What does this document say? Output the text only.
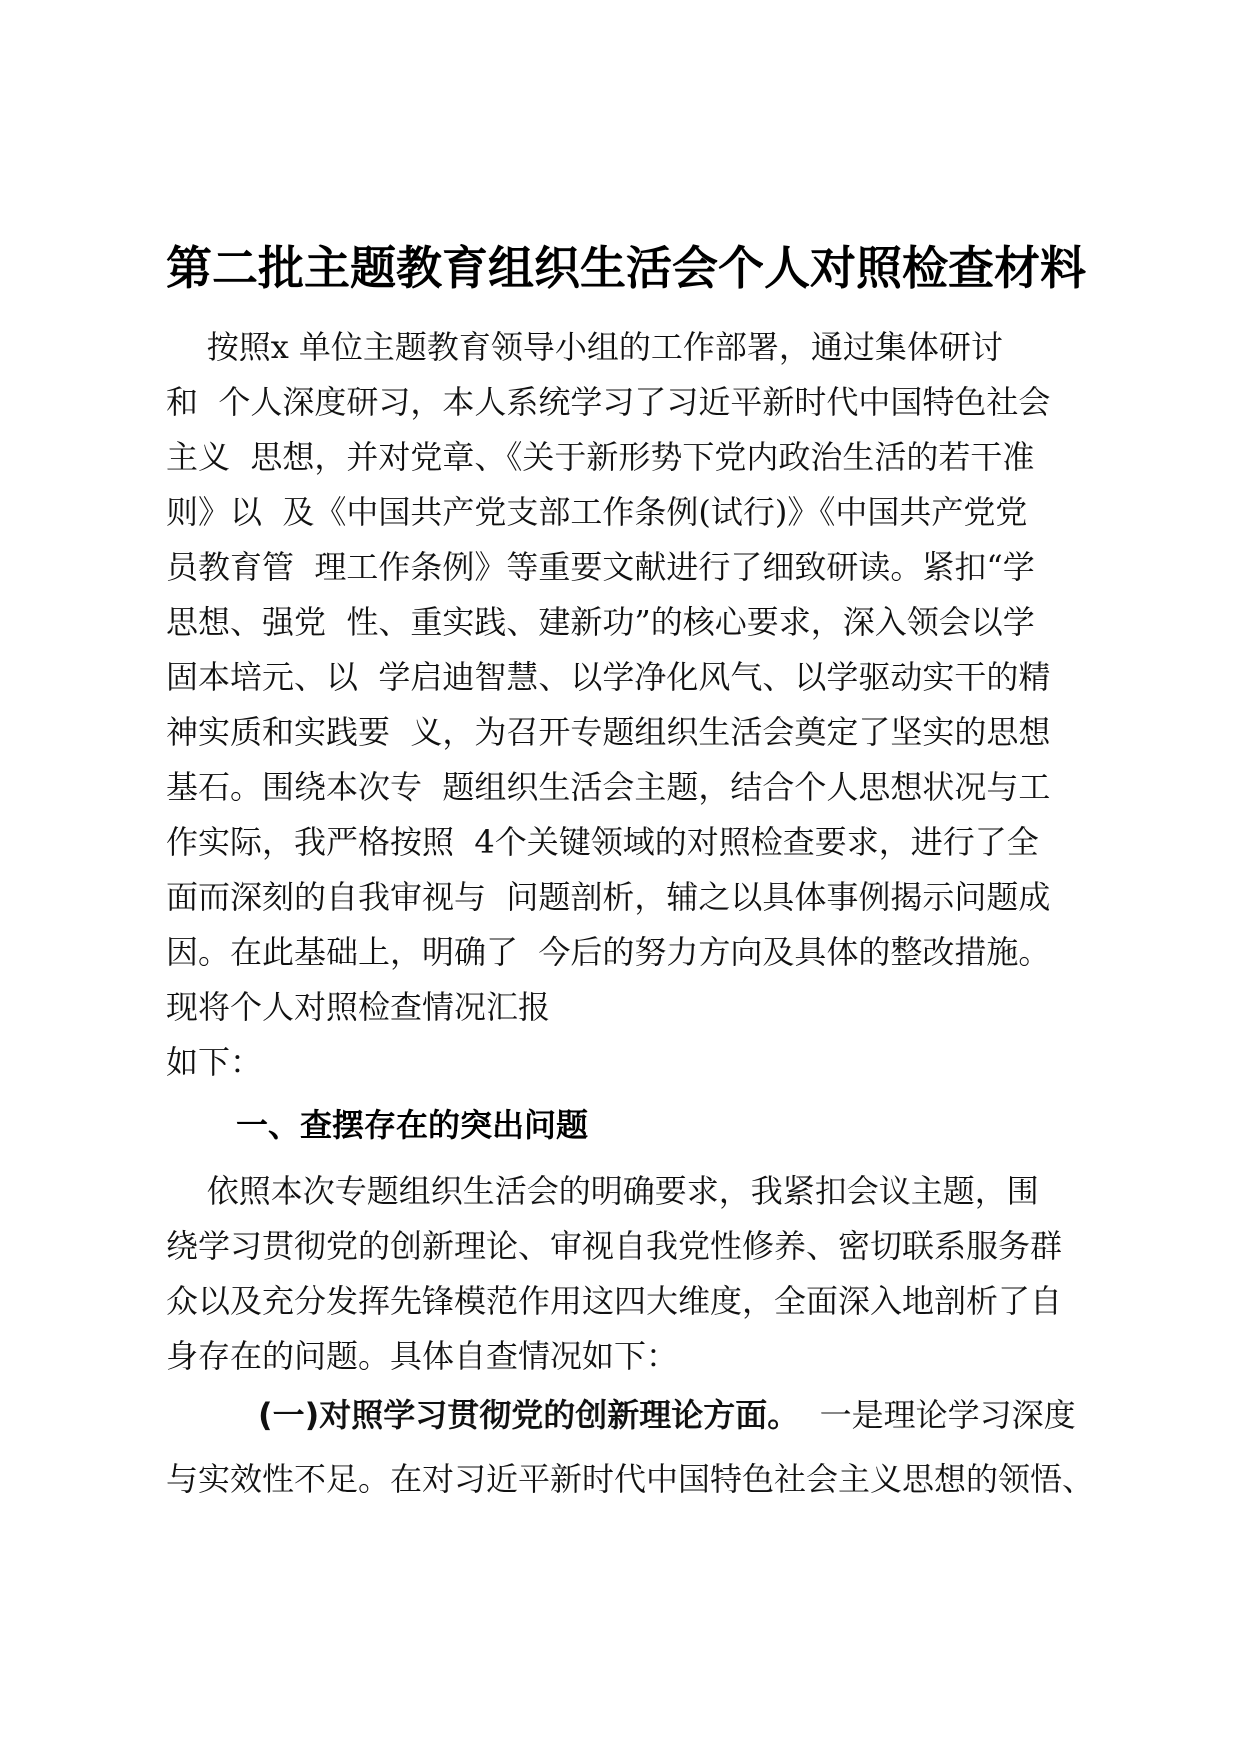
第二批主题教育组织生活会个人对照检查材料
按照x 单位主题教育领导小组的工作部署，通过集体研讨
和  个人深度研习，本人系统学习了习近平新时代中国特色社会
主义  思想，并对党章、《关于新形势下党内政治生活的若干准
则》以  及《中国共产党支部工作条例(试行)》《中国共产党党
员教育管  理工作条例》等重要文献进行了细致研读。紧扣“学
思想、强党  性、重实践、建新功”的核心要求，深入领会以学
固本培元、以  学启迪智慧、以学净化风气、以学驱动实干的精
神实质和实践要  义，为召开专题组织生活会奠定了坚实的思想
基石。围绕本次专  题组织生活会主题，结合个人思想状况与工
作实际，我严格按照  4个关键领域的对照检查要求，进行了全
面而深刻的自我审视与  问题剖析，辅之以具体事例揭示问题成
因。在此基础上，明确了  今后的努力方向及具体的整改措施。
现将个人对照检查情况汇报
如下：
一、查摆存在的突出问题
依照本次专题组织生活会的明确要求，我紧扣会议主题，围
绕学习贯彻党的创新理论、审视自我党性修养、密切联系服务群
众以及充分发挥先锋模范作用这四大维度，全面深入地剖析了自
身存在的问题。具体自查情况如下：
(一)对照学习贯彻党的创新理论方面。  一是理论学习深度
与实效性不足。在对习近平新时代中国特色社会主义思想的领悟、
